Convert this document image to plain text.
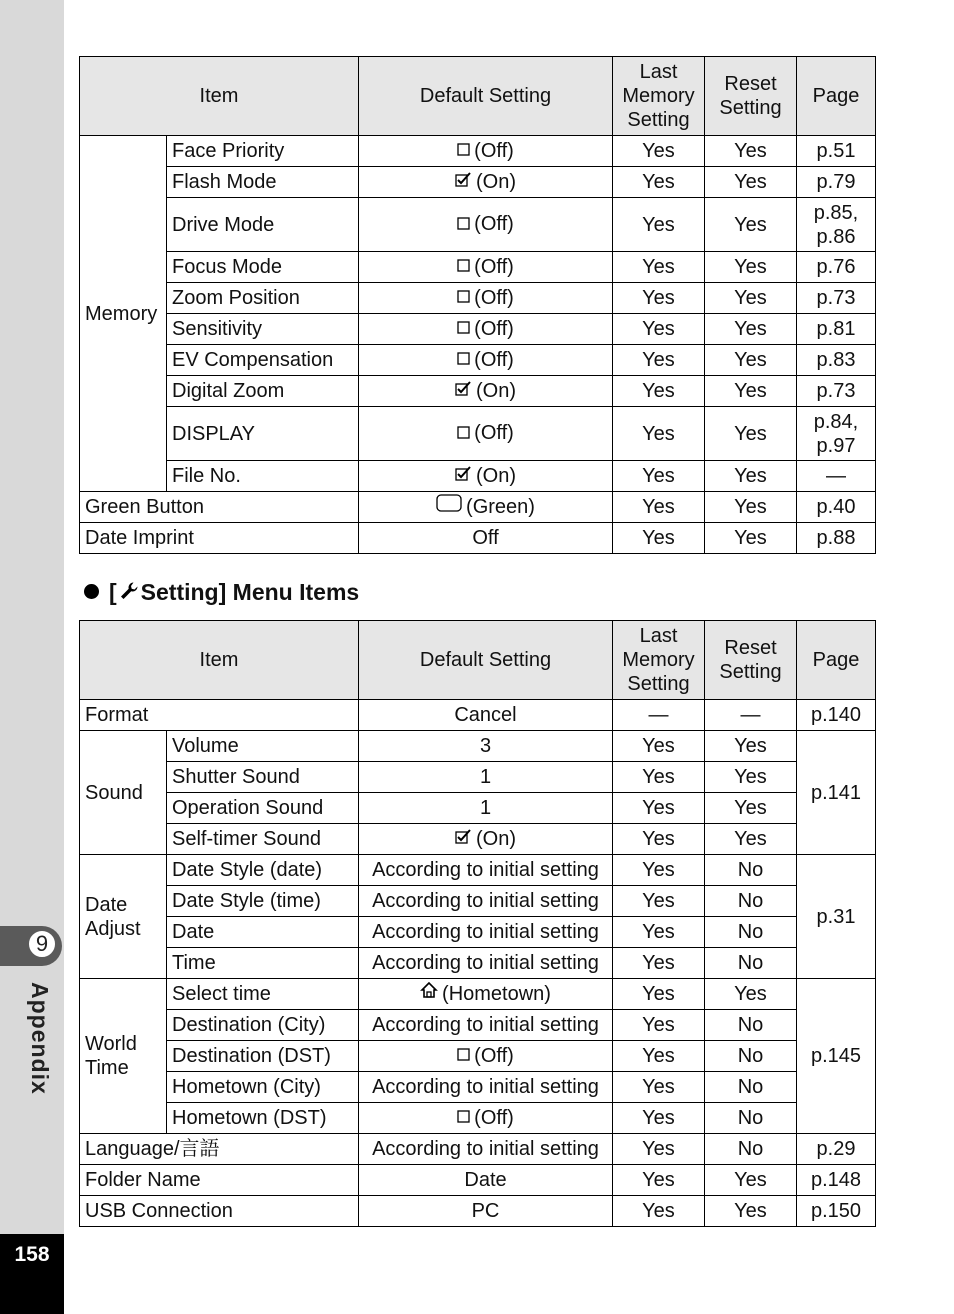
9
Appendix
158
Item		Default Setting	Last Memory Setting	Reset Setting	Page
Memory	Face Priority	(Off)	Yes	Yes	p.51
	Flash Mode	(On)	Yes	Yes	p.79
	Drive Mode	(Off)	Yes	Yes	p.85, p.86
	Focus Mode	(Off)	Yes	Yes	p.76
	Zoom Position	(Off)	Yes	Yes	p.73
	Sensitivity	(Off)	Yes	Yes	p.81
	EV Compensation	(Off)	Yes	Yes	p.83
	Digital Zoom	(On)	Yes	Yes	p.73
	DISPLAY	(Off)	Yes	Yes	p.84, p.97
	File No.	(On)	Yes	Yes	—
Green Button		(Green)	Yes	Yes	p.40
Date Imprint		Off	Yes	Yes	p.88
[ Setting] Menu Items
Item		Default Setting	Last Memory Setting	Reset Setting	Page
Format		Cancel	—	—	p.140
Sound	Volume	3	Yes	Yes	p.141
	Shutter Sound	1	Yes	Yes	
	Operation Sound	1	Yes	Yes	
	Self-timer Sound	(On)	Yes	Yes	
Date
Adjust	Date Style (date)	According to initial setting	Yes	No	p.31
	Date Style (time)	According to initial setting	Yes	No	
	Date	According to initial setting	Yes	No	
	Time	According to initial setting	Yes	No	
World
Time	Select time	(Hometown)	Yes	Yes	p.145
	Destination (City)	According to initial setting	Yes	No	
	Destination (DST)	(Off)	Yes	No	
	Hometown (City)	According to initial setting	Yes	No	
	Hometown (DST)	(Off)	Yes	No	
Language/言語		According to initial setting	Yes	No	p.29
Folder Name		Date	Yes	Yes	p.148
USB Connection		PC	Yes	Yes	p.150
